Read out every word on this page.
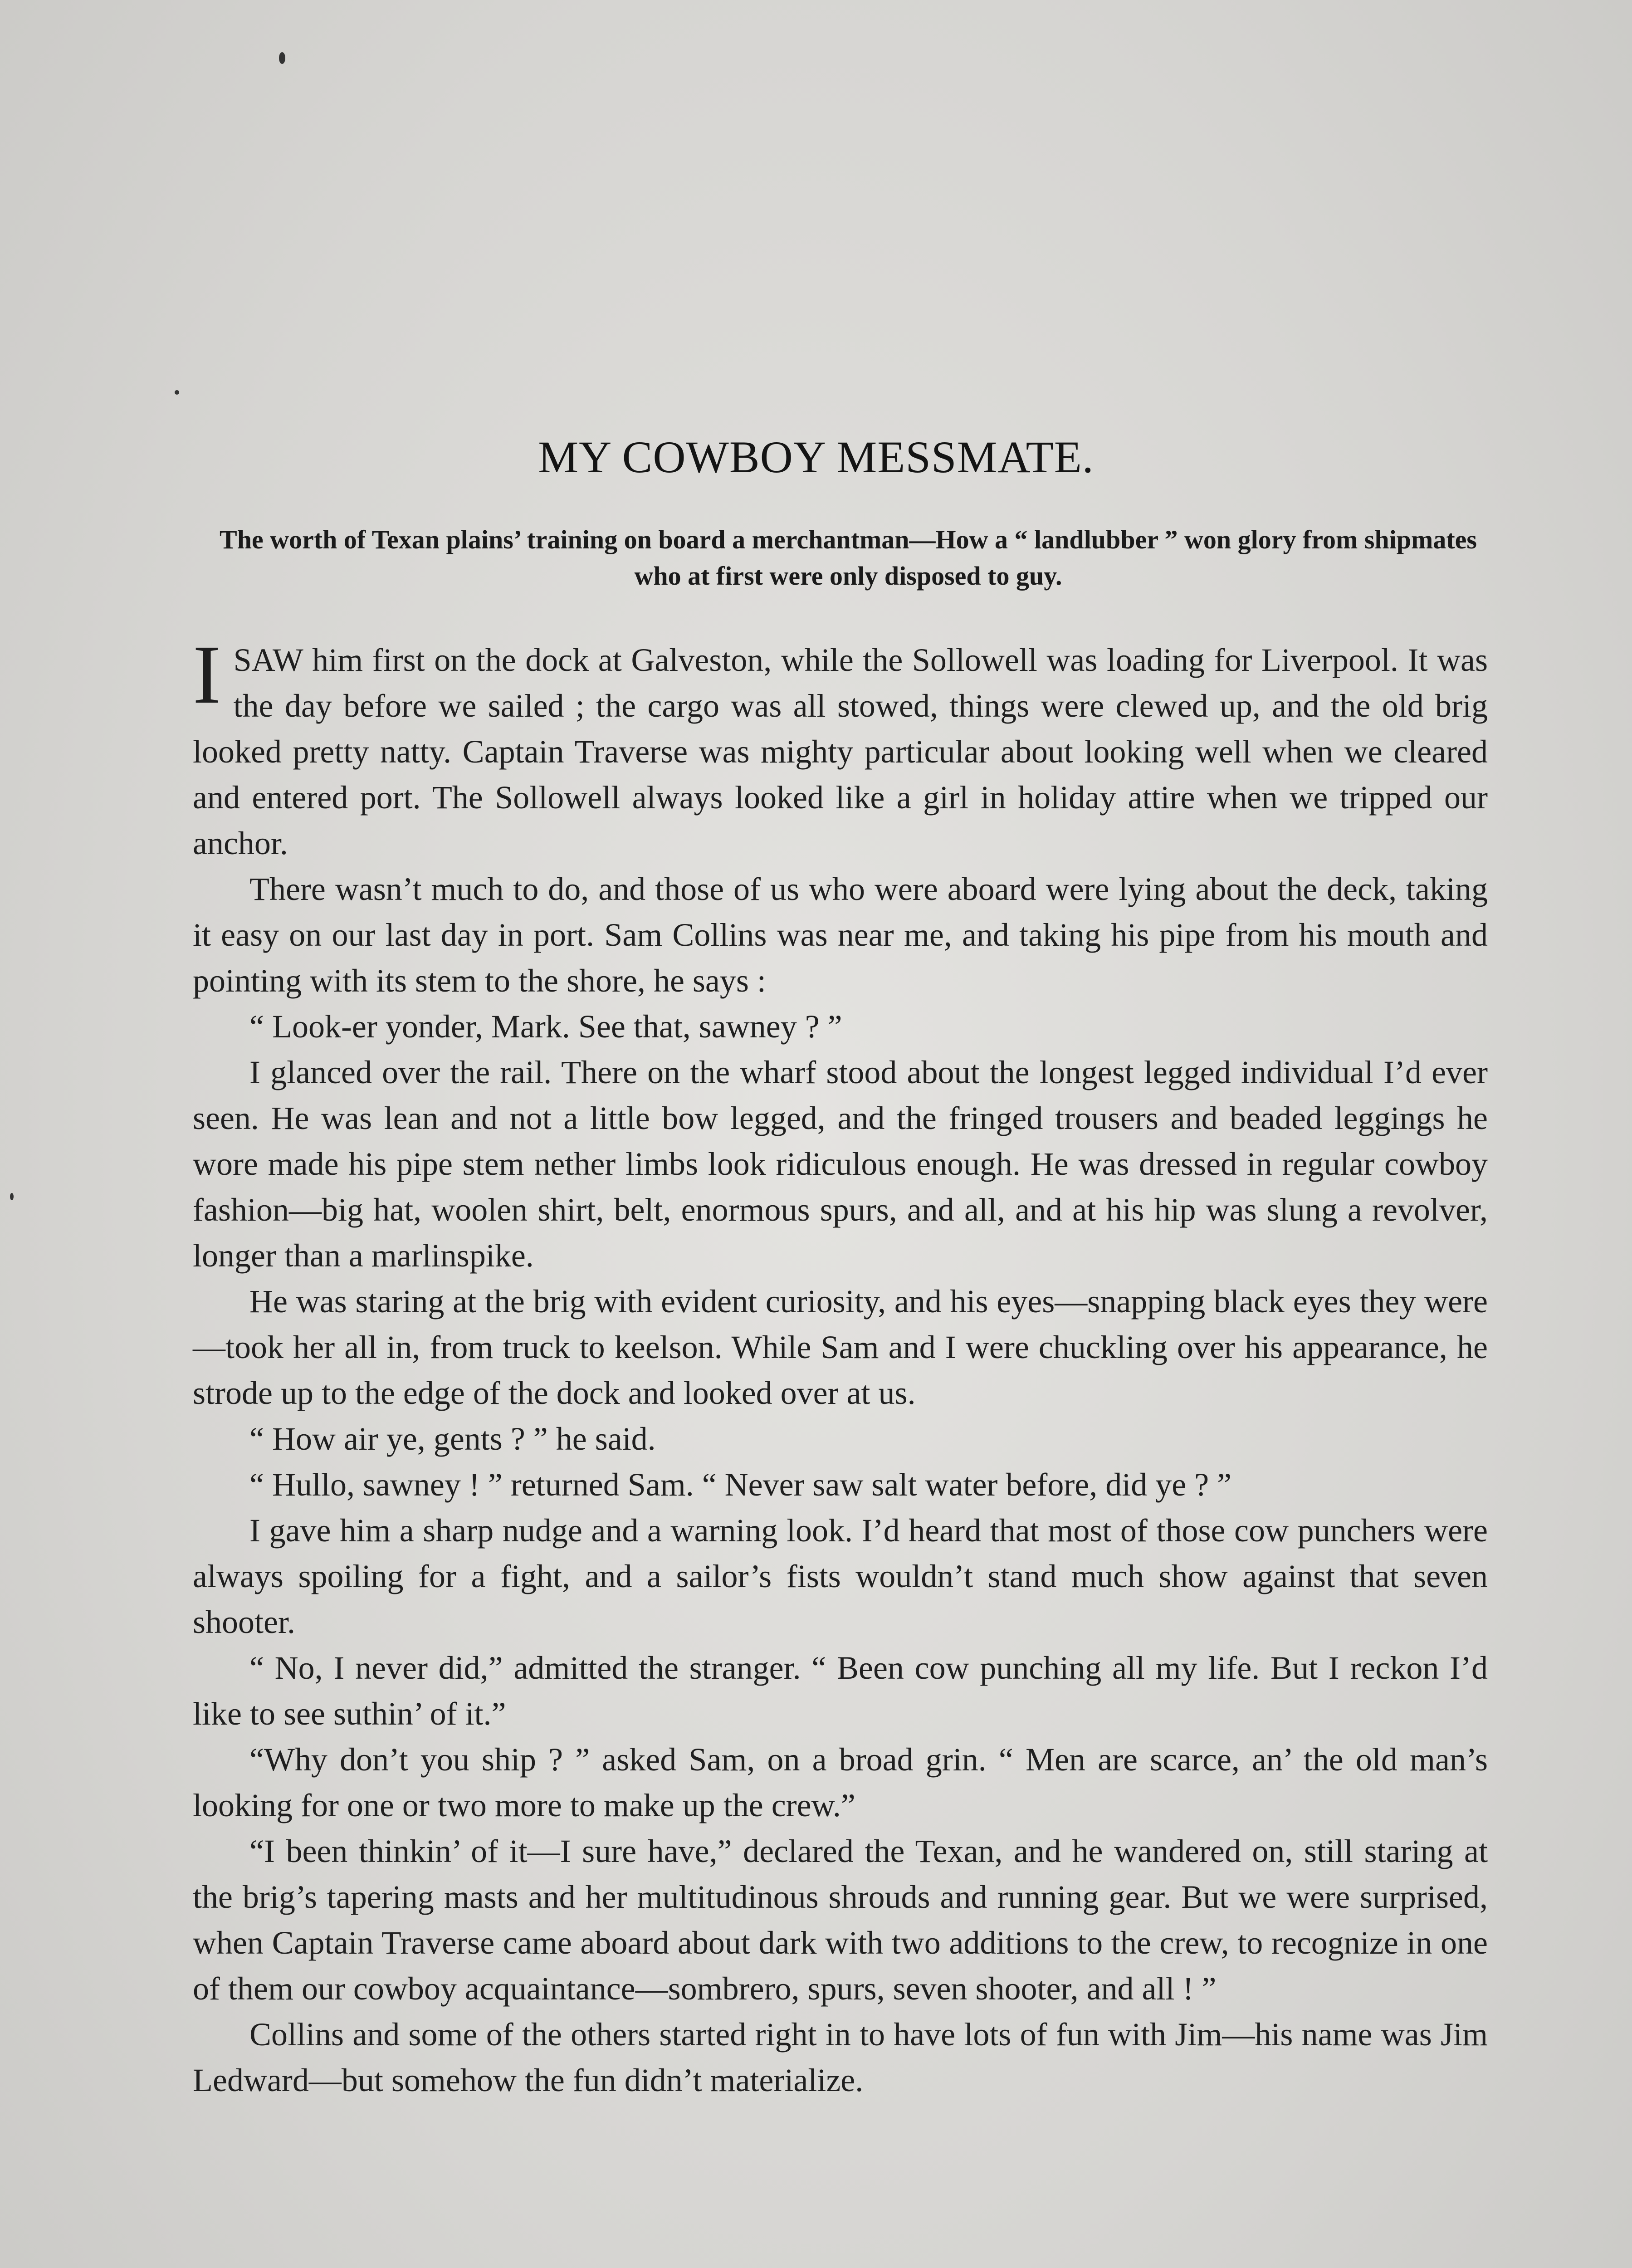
MY COWBOY MESSMATE.
The worth of Texan plains’ training on board a merchantman—How a “ landlubber ” won glory from shipmates who at first were only disposed to guy.

ISAW him first on the dock at Galveston, while the Sollowell was loading for Liverpool. It was the day before we sailed ; the cargo was all stowed, things were clewed up, and the old brig looked pretty natty. Captain Traverse was mighty particular about looking well when we cleared and entered port. The Sollowell always looked like a girl in holiday attire when we tripped our anchor.

There wasn’t much to do, and those of us who were aboard were lying about the deck, taking it easy on our last day in port. Sam Collins was near me, and taking his pipe from his mouth and pointing with its stem to the shore, he says :

“ Look-er yonder, Mark. See that, sawney ? ”

I glanced over the rail. There on the wharf stood about the longest legged individual I’d ever seen. He was lean and not a little bow legged, and the fringed trousers and beaded leggings he wore made his pipe stem nether limbs look ridiculous enough. He was dressed in regular cowboy fashion—big hat, woolen shirt, belt, enormous spurs, and all, and at his hip was slung a revolver, longer than a marlinspike.

He was staring at the brig with evident curiosity, and his eyes—snapping black eyes they were—took her all in, from truck to keelson. While Sam and I were chuckling over his appearance, he strode up to the edge of the dock and looked over at us.

“ How air ye, gents ? ” he said.

“ Hullo, sawney ! ” returned Sam. “ Never saw salt water before, did ye ? ”

I gave him a sharp nudge and a warning look. I’d heard that most of those cow punchers were always spoiling for a fight, and a sailor’s fists wouldn’t stand much show against that seven shooter.

“ No, I never did,” admitted the stranger. “ Been cow punching all my life. But I reckon I’d like to see suthin’ of it.”

“Why don’t you ship ? ” asked Sam, on a broad grin. “ Men are scarce, an’ the old man’s looking for one or two more to make up the crew.”

“I been thinkin’ of it—I sure have,” declared the Texan, and he wandered on, still staring at the brig’s tapering masts and her multitudinous shrouds and running gear. But we were surprised, when Captain Traverse came aboard about dark with two additions to the crew, to recognize in one of them our cowboy acquaintance—sombrero, spurs, seven shooter, and all ! ”

Collins and some of the others started right in to have lots of fun with Jim—his name was Jim Ledward—but somehow the fun didn’t materialize.
